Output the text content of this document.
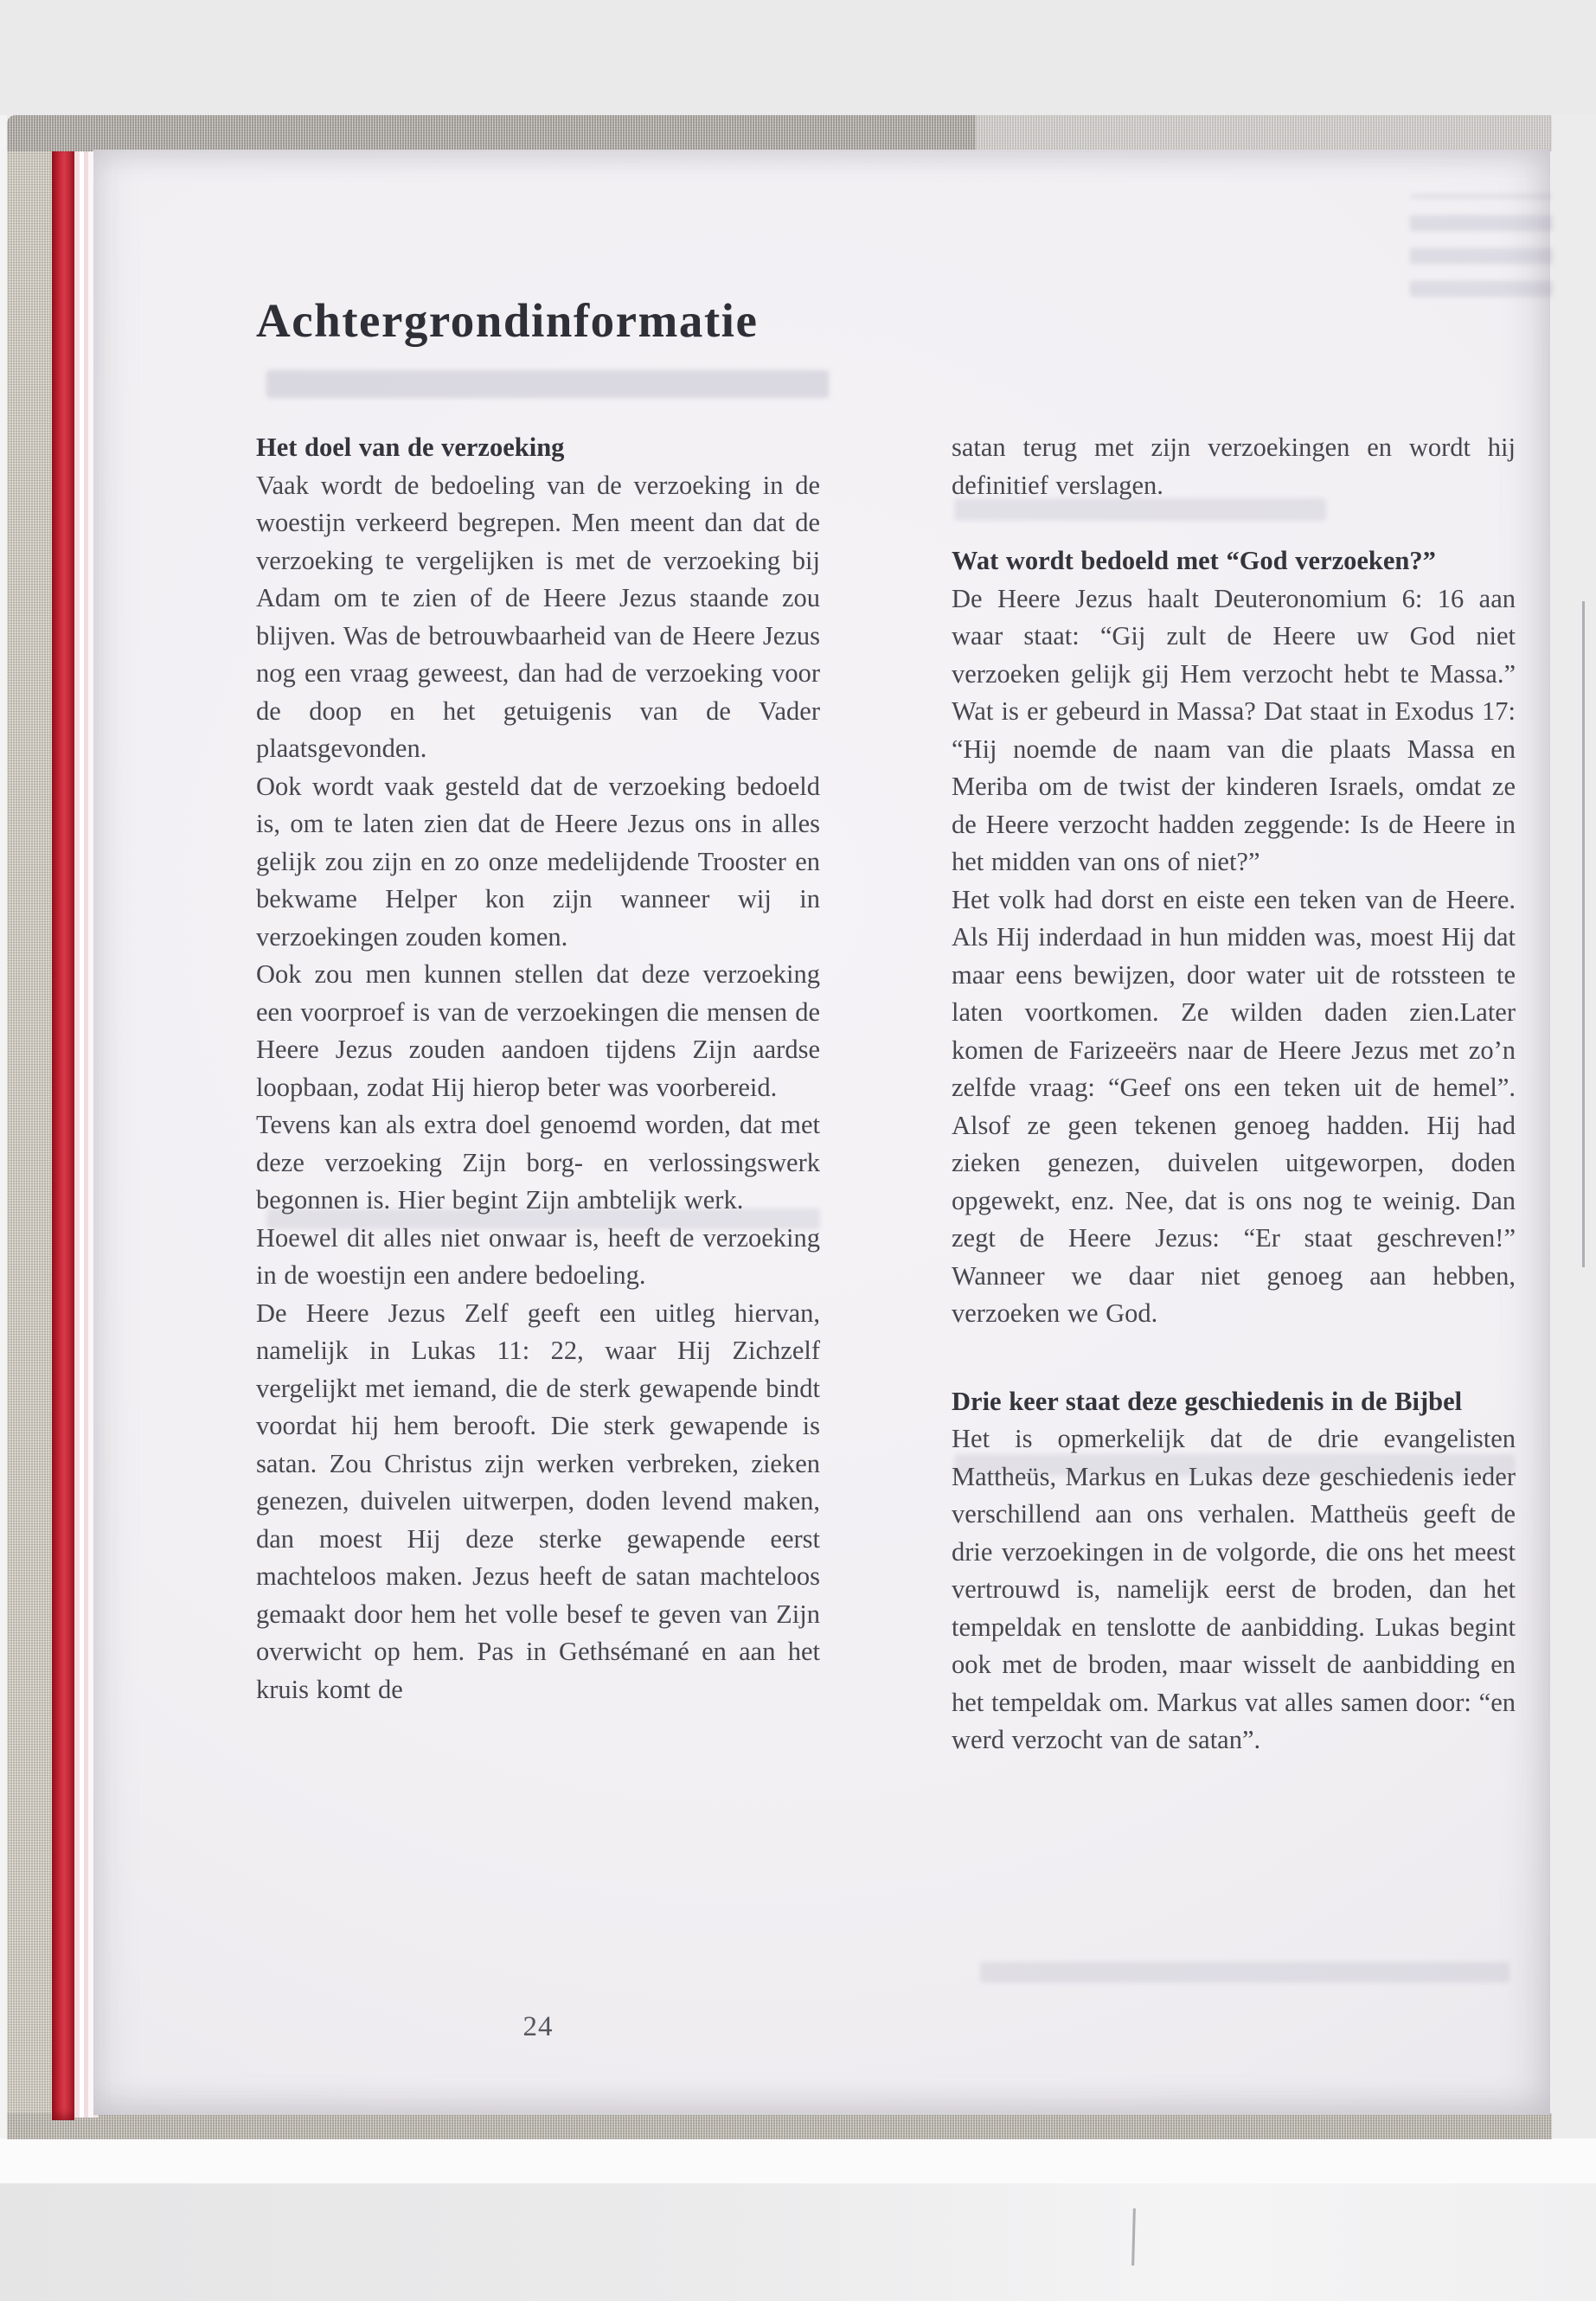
Achtergrondinformatie
Het doel van de verzoeking

Vaak wordt de bedoeling van de verzoeking in de woestijn verkeerd begrepen. Men meent dan dat de verzoeking te vergelijken is met de verzoeking bij Adam om te zien of de Heere Jezus staande zou blijven. Was de betrouwbaarheid van de Heere Jezus nog een vraag geweest, dan had de verzoeking voor de doop en het getuigenis van de Vader plaatsgevonden.

Ook wordt vaak gesteld dat de verzoeking bedoeld is, om te laten zien dat de Heere Jezus ons in alles gelijk zou zijn en zo onze medelijdende Trooster en bekwame Helper kon zijn wanneer wij in verzoekingen zouden komen.

Ook zou men kunnen stellen dat deze verzoeking een voorproef is van de verzoekingen die mensen de Heere Jezus zouden aandoen tijdens Zijn aardse loopbaan, zodat Hij hierop beter was voorbereid.

Tevens kan als extra doel genoemd worden, dat met deze verzoeking Zijn borg- en verlossingswerk begonnen is. Hier begint Zijn ambtelijk werk.

Hoewel dit alles niet onwaar is, heeft de verzoeking in de woestijn een andere bedoeling.

De Heere Jezus Zelf geeft een uitleg hiervan, namelijk in Lukas 11: 22, waar Hij Zichzelf vergelijkt met iemand, die de sterk gewapende bindt voordat hij hem berooft. Die sterk gewapende is satan. Zou Christus zijn werken verbreken, zieken genezen, duivelen uitwerpen, doden levend maken, dan moest Hij deze sterke gewapende eerst machteloos maken. Jezus heeft de satan machteloos gemaakt door hem het volle besef te geven van Zijn overwicht op hem. Pas in Gethsémané en aan het kruis komt de

satan terug met zijn verzoekingen en wordt hij definitief verslagen.

Wat wordt bedoeld met “God verzoeken?”

De Heere Jezus haalt Deuteronomium 6: 16 aan waar staat: “Gij zult de Heere uw God niet verzoeken gelijk gij Hem verzocht hebt te Massa.” Wat is er gebeurd in Massa? Dat staat in Exodus 17: “Hij noemde de naam van die plaats Massa en Meriba om de twist der kinderen Israels, omdat ze de Heere verzocht hadden zeggende: Is de Heere in het midden van ons of niet?”

Het volk had dorst en eiste een teken van de Heere. Als Hij inderdaad in hun midden was, moest Hij dat maar eens bewijzen, door water uit de rotssteen te laten voortkomen. Ze wilden daden zien.Later komen de Farizeeërs naar de Heere Jezus met zo’n zelfde vraag: “Geef ons een teken uit de hemel”. Alsof ze geen tekenen genoeg hadden. Hij had zieken genezen, duivelen uitgeworpen, doden opgewekt, enz. Nee, dat is ons nog te weinig. Dan zegt de Heere Jezus: “Er staat geschreven!” Wanneer we daar niet genoeg aan hebben, verzoeken we God.

Drie keer staat deze geschiedenis in de Bijbel

Het is opmerkelijk dat de drie evangelisten Mattheüs, Markus en Lukas deze geschiedenis ieder verschillend aan ons verhalen. Mattheüs geeft de drie verzoekingen in de volgorde, die ons het meest vertrouwd is, namelijk eerst de broden, dan het tempeldak en tenslotte de aanbidding. Lukas begint ook met de broden, maar wisselt de aanbidding en het tempeldak om. Markus vat alles samen door: “en werd verzocht van de satan”.

24
